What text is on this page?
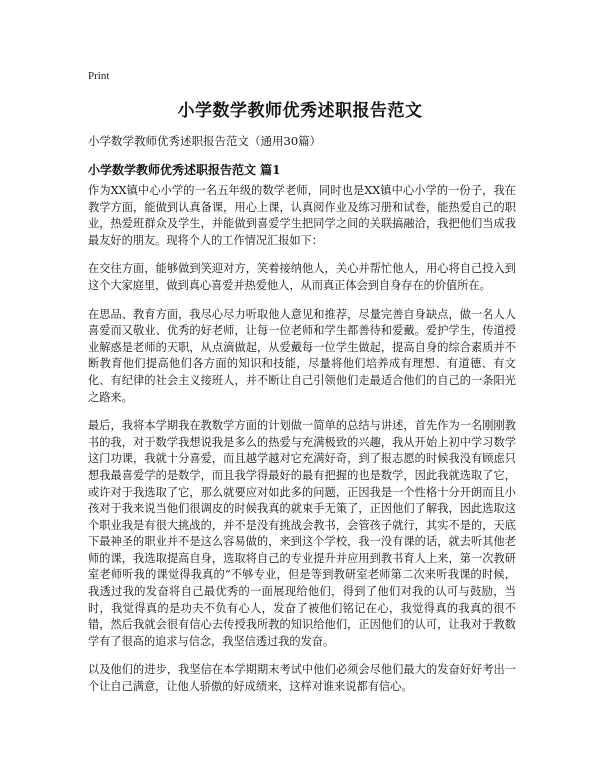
Print
小学数学教师优秀述职报告范文
小学数学教师优秀述职报告范文（通用30篇）
小学数学教师优秀述职报告范文 篇1

作为XX镇中心小学的一名五年级的数学老师，同时也是XX镇中心小学的一份子，我在教学方面，能做到认真备课，用心上课，认真阅作业及练习册和试卷，能热爱自己的职业，热爱班群众及学生，并能做到喜爱学生把同学之间的关联搞融洽，我把他们当成我最友好的朋友。现将个人的工作情况汇报如下：

在交往方面，能够做到笑迎对方，笑着接纳他人，关心并帮忙他人，用心将自己投入到这个大家庭里，做到真心喜爱并热爱他人，从而真正体会到自身存在的价值所在。

在思品、教育方面，我尽心尽力听取他人意见和推荐，尽量完善自身缺点，做一名人人喜爱而又敬业、优秀的好老师，让每一位老师和学生都善待和爱戴。爱护学生，传道授业解惑是老师的天职，从点滴做起，从爱戴每一位学生做起，提高自身的综合素质并不断教育他们提高他们各方面的知识和技能，尽量将他们培养成有理想、有道德、有文化、有纪律的社会主义接班人，并不断让自己引领他们走最适合他们的自己的一条阳光之路来。

最后，我将本学期我在教数学方面的计划做一简单的总结与讲述，首先作为一名刚刚教书的我，对于数学我想说我是多么的热爱与充满极致的兴趣，我从开始上初中学习数学这门功课，我就十分喜爱，而且越学越对它充满好奇，到了报志愿的时候我没有顾虑只想我最喜爱学的是数学，而且我学得最好的最有把握的也是数学，因此我就选取了它，或许对于我选取了它，那么就要应对如此多的问题，正因我是一个性格十分开朗而且小孩对于我来说当他们很调皮的时候我真的就束手无策了，正因他们了解我，因此选取这个职业我是有很大挑战的，并不是没有挑战会教书，会管孩子就行，其实不是的，天底下最神圣的职业并不是这么容易做的，来到这个学校，我一没有课的话，就去听其他老师的课，我选取提高自身，选取将自己的专业提升并应用到教书育人上来，第一次教研室老师听我的课觉得我真的“不够专业，但是等到教研室老师第二次来听我课的时候，我透过我的发奋将自己最优秀的一面展现给他们，得到了他们对我的认可与鼓励，当时，我觉得真的是功夫不负有心人，发奋了被他们铭记在心，我觉得真的我真的很不错，然后我就会很有信心去传授我所教的知识给他们，正因他们的认可，让我对于教数学有了很高的追求与信念，我坚信透过我的发奋。

以及他们的进步，我坚信在本学期期末考试中他们必须会尽他们最大的发奋好好考出一个让自己满意，让他人骄傲的好成绩来，这样对谁来说都有信心。
